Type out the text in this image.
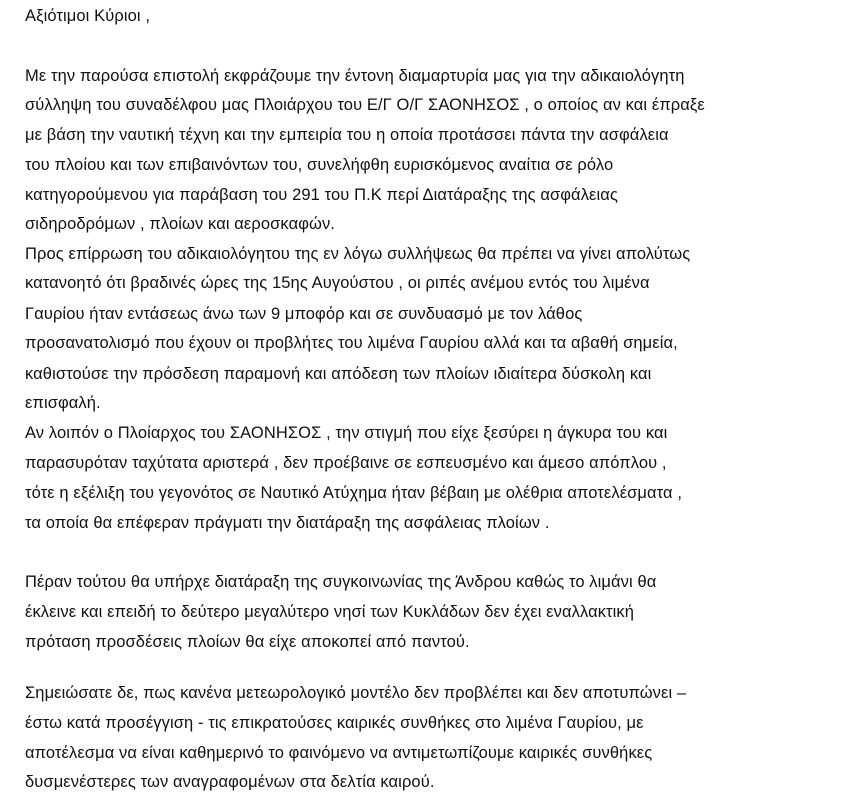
Αξιότιμοι Κύριοι ,
Με την παρούσα επιστολή εκφράζουμε την έντονη διαμαρτυρία μας για την αδικαιολόγητη
σύλληψη του συναδέλφου μας Πλοιάρχου του Ε/Γ Ο/Γ ΣΑΟΝΗΣΟΣ , ο οποίος αν και έπραξε
με βάση την ναυτική τέχνη και την εμπειρία του η οποία προτάσσει πάντα την ασφάλεια
του πλοίου και των επιβαινόντων του, συνελήφθη ευρισκόμενος αναίτια σε ρόλο
κατηγορούμενου για παράβαση του 291 του Π.Κ περί Διατάραξης της ασφάλειας
σιδηροδρόμων , πλοίων και αεροσκαφών.
Προς επίρρωση του αδικαιολόγητου της εν λόγω συλλήψεως θα πρέπει να γίνει απολύτως
κατανοητό ότι βραδινές ώρες της 15ης Αυγούστου , οι ριπές ανέμου εντός του λιμένα
Γαυρίου ήταν εντάσεως άνω των 9 μποφόρ και σε συνδυασμό με τον λάθος
προσανατολισμό που έχουν οι προβλήτες του λιμένα Γαυρίου αλλά και τα αβαθή σημεία,
καθιστούσε την πρόσδεση παραμονή και απόδεση των πλοίων ιδιαίτερα δύσκολη και
επισφαλή.
Αν λοιπόν ο Πλοίαρχος του ΣΑΟΝΗΣΟΣ , την στιγμή που είχε ξεσύρει η άγκυρα του και
παρασυρόταν ταχύτατα αριστερά , δεν προέβαινε σε εσπευσμένο και άμεσο απόπλου ,
τότε η εξέλιξη του γεγονότος σε Ναυτικό Ατύχημα ήταν βέβαιη με ολέθρια αποτελέσματα ,
τα οποία θα επέφεραν πράγματι την διατάραξη της ασφάλειας πλοίων .
Πέραν τούτου θα υπήρχε διατάραξη της συγκοινωνίας της Άνδρου καθώς το λιμάνι θα
έκλεινε και επειδή το δεύτερο μεγαλύτερο νησί των Κυκλάδων δεν έχει εναλλακτική
πρόταση προσδέσεις πλοίων θα είχε αποκοπεί από παντού.
Σημειώσατε δε, πως κανένα μετεωρολογικό μοντέλο δεν προβλέπει και δεν αποτυπώνει –
έστω κατά προσέγγιση - τις επικρατούσες καιρικές συνθήκες στο λιμένα Γαυρίου, με
αποτέλεσμα να είναι καθημερινό το φαινόμενο να αντιμετωπίζουμε καιρικές συνθήκες
δυσμενέστερες των αναγραφομένων στα δελτία καιρού.
